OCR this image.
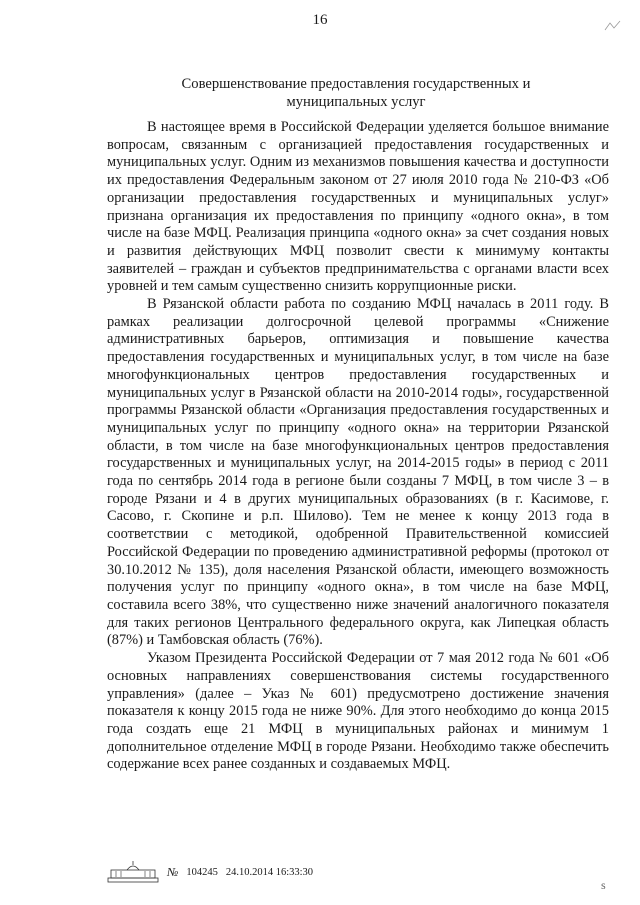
16
Совершенствование предоставления государственных и
муниципальных услуг

В настоящее время в Российской Федерации уделяется большое внимание вопросам, связанным с организацией предоставления государственных и муниципальных услуг. Одним из механизмов повышения качества и доступности их предоставления Федеральным законом от 27 июля 2010 года № 210-ФЗ «Об организации предоставления государственных и муниципальных услуг» признана организация их предоставления по принципу «одного окна», в том числе на базе МФЦ. Реализация принципа «одного окна» за счет создания новых и развития действующих МФЦ позволит свести к минимуму контакты заявителей – граждан и субъектов предпринимательства с органами власти всех уровней и тем самым существенно снизить коррупционные риски.

В Рязанской области работа по созданию МФЦ началась в 2011 году. В рамках реализации долгосрочной целевой программы «Снижение административных барьеров, оптимизация и повышение качества предоставления государственных и муниципальных услуг, в том числе на базе многофункциональных центров предоставления государственных и муниципальных услуг в Рязанской области на 2010-2014 годы», государственной программы Рязанской области «Организация предоставления государственных и муниципальных услуг по принципу «одного окна» на территории Рязанской области, в том числе на базе многофункциональных центров предоставления государственных и муниципальных услуг, на 2014-2015 годы» в период с 2011 года по сентябрь 2014 года в регионе были созданы 7 МФЦ, в том числе 3 – в городе Рязани и 4 в других муниципальных образованиях (в г. Касимове, г. Сасово, г. Скопине и р.п. Шилово). Тем не менее к концу 2013 года в соответствии с методикой, одобренной Правительственной комиссией Российской Федерации по проведению административной реформы (протокол от 30.10.2012 № 135), доля населения Рязанской области, имеющего возможность получения услуг по принципу «одного окна», в том числе на базе МФЦ, составила всего 38%, что существенно ниже значений аналогичного показателя для таких регионов Центрального федерального округа, как Липецкая область (87%) и Тамбовская область (76%).

Указом Президента Российской Федерации от 7 мая 2012 года № 601 «Об основных направлениях совершенствования системы государственного управления» (далее – Указ № 601) предусмотрено достижение значения показателя к концу 2015 года не ниже 90%. Для этого необходимо до конца 2015 года создать еще 21 МФЦ в муниципальных районах и минимум 1 дополнительное отделение МФЦ в городе Рязани. Необходимо также обеспечить содержание всех ранее созданных и создаваемых МФЦ.

№ 104245 24.10.2014 16:33:30
s
